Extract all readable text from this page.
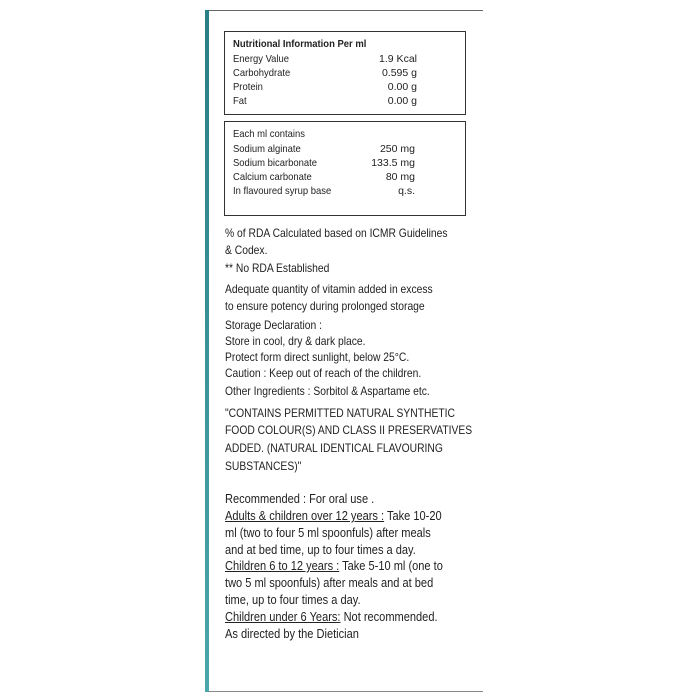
Nutritional Information Per ml
Energy Value	1.9 Kcal
Carbohydrate	0.595 g
Protein	0.00 g
Fat	0.00 g
Each ml contains
Sodium alginate	250 mg
Sodium bicarbonate	133.5 mg
Calcium carbonate	80 mg
In flavoured syrup base	q.s.
% of RDA Calculated based on ICMR Guidelines
& Codex.
** No RDA Established
Adequate quantity of vitamin added in excess
to ensure potency during prolonged storage
Storage Declaration :
Store in cool, dry & dark place.
Protect form direct sunlight, below 25°C.
Caution : Keep out of reach of the children.
Other Ingredients : Sorbitol & Aspartame etc.
"CONTAINS PERMITTED NATURAL SYNTHETIC
FOOD COLOUR(S) AND CLASS II PRESERVATIVES
ADDED. (NATURAL IDENTICAL FLAVOURING
SUBSTANCES)"
Recommended : For oral use .
Adults & children over 12 years : Take 10-20
ml (two to four 5 ml spoonfuls) after meals
and at bed time, up to four times a day.
Children 6 to 12 years : Take 5-10 ml (one to
two 5 ml spoonfuls) after meals and at bed
time, up to four times a day.
Children under 6 Years: Not recommended.
As directed by the Dietician
